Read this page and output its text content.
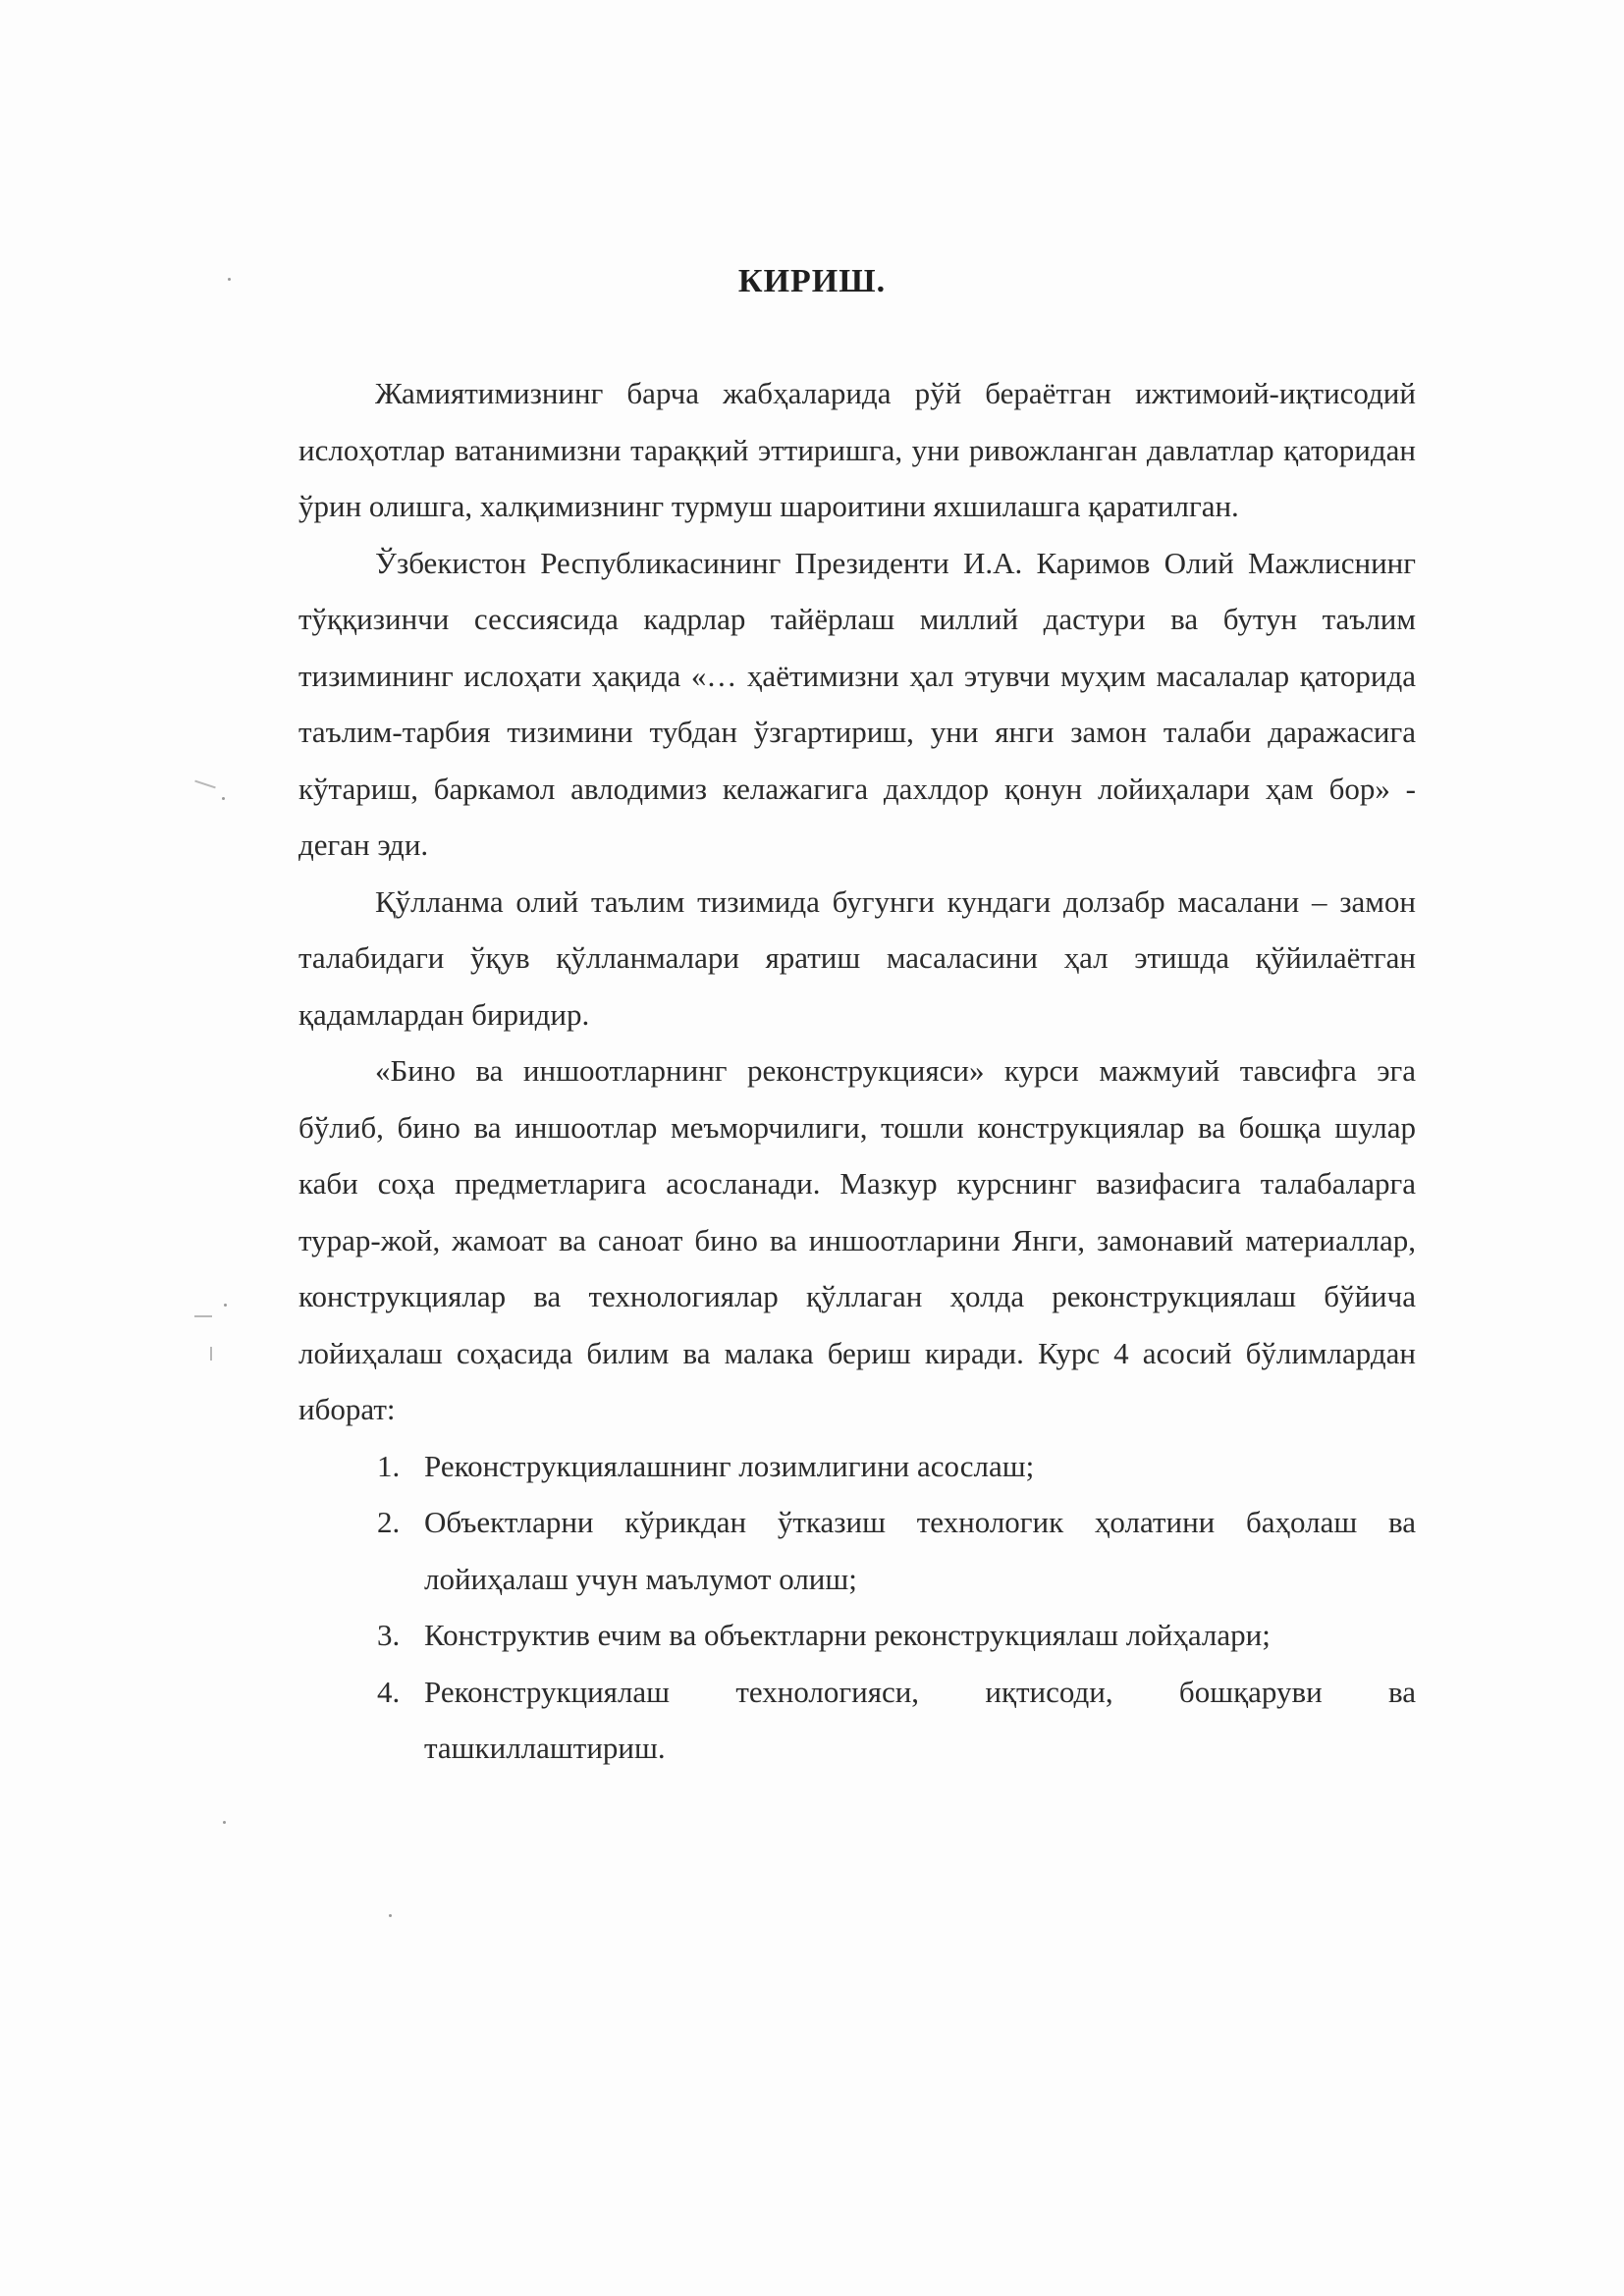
КИРИШ.

Жамиятимизнинг барча жабҳаларида рўй бераётган ижтимоий-иқтисодий ислоҳотлар ватанимизни тараққий эттиришга, уни ривожланган давлатлар қаторидан ўрин олишга, халқимизнинг турмуш шароитини яхшилашга қаратилган.

Ўзбекистон Республикасининг Президенти И.А. Каримов Олий Мажлиснинг тўққизинчи сессиясида кадрлар тайёрлаш миллий дастури ва бутун таълим тизимининг ислоҳати ҳақида «… ҳаётимизни ҳал этувчи муҳим масалалар қаторида таълим-тарбия тизимини тубдан ўзгартириш, уни янги замон талаби даражасига кўтариш, баркамол авлодимиз келажагига дахлдор қонун лойиҳалари ҳам бор» - деган эди.

Қўлланма олий таълим тизимида бугунги кундаги долзабр масалани – замон талабидаги ўқув қўлланмалари яратиш масаласини ҳал этишда қўйилаётган қадамлардан биридир.

«Бино ва иншоотларнинг реконструкцияси» курси мажмуий тавсифга эга бўлиб, бино ва иншоотлар меъморчилиги, тошли конструкциялар ва бошқа шулар каби соҳа предметларига асосланади. Мазкур курснинг вазифасига талабаларга турар-жой, жамоат ва саноат бино ва иншоотларини Янги, замонавий материаллар, конструкциялар ва технологиялар қўллаган ҳолда реконструкциялаш бўйича лойиҳалаш соҳасида билим ва малака бериш киради. Курс 4 асосий бўлимлардан иборат:

1. Реконструкциялашнинг лозимлигини асослаш;
2. Объектларни кўрикдан ўтказиш технологик ҳолатини баҳолаш ва лойиҳалаш учун маълумот олиш;
3. Конструктив ечим ва объектларни реконструкциялаш лойҳалари;
4. Реконструкциялаш технологияси, иқтисоди, бошқаруви ва ташкиллаштириш.
